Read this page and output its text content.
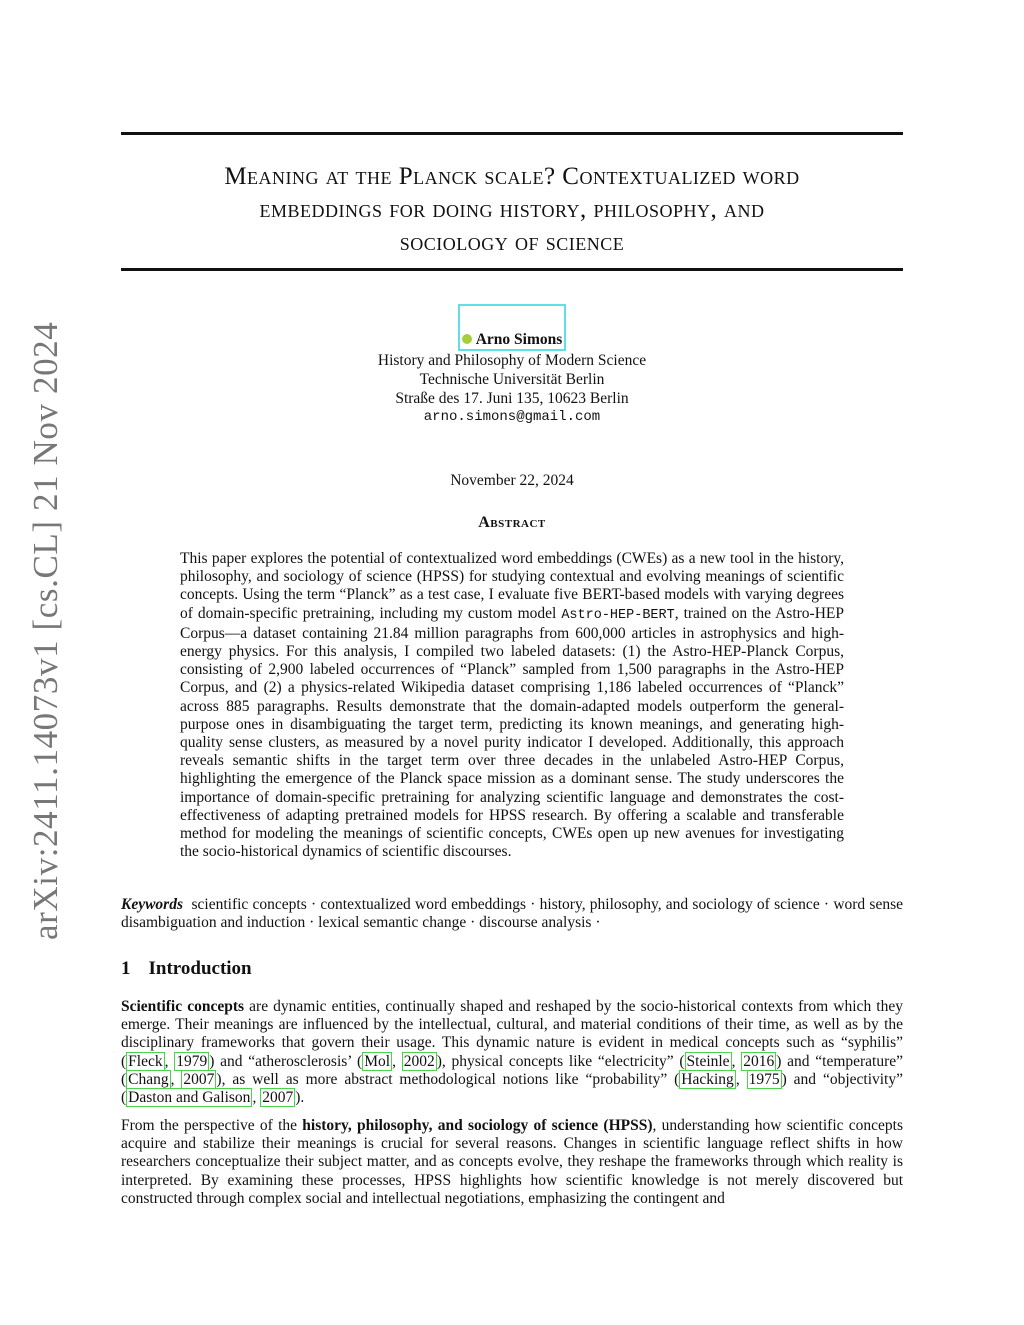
arXiv:2411.14073v1 [cs.CL] 21 Nov 2024
Meaning at the Planck scale? Contextualized word
embeddings for doing history, philosophy, and
sociology of science
Arno Simons
History and Philosophy of Modern Science
Technische Universität Berlin
Straße des 17. Juni 135, 10623 Berlin
arno.simons@gmail.com
November 22, 2024
Abstract
This paper explores the potential of contextualized word embeddings (CWEs) as a new tool in the history, philosophy, and sociology of science (HPSS) for studying contextual and evolving meanings of scientific concepts. Using the term “Planck” as a test case, I evaluate five BERT-based models with varying degrees of domain-specific pretraining, including my custom model Astro-HEP-BERT, trained on the Astro-HEP Corpus—a dataset containing 21.84 million paragraphs from 600,000 articles in astrophysics and high-energy physics. For this analysis, I compiled two labeled datasets: (1) the Astro-HEP-Planck Corpus, consisting of 2,900 labeled occurrences of “Planck” sampled from 1,500 paragraphs in the Astro-HEP Corpus, and (2) a physics-related Wikipedia dataset comprising 1,186 labeled occurrences of “Planck” across 885 paragraphs. Results demonstrate that the domain-adapted models outperform the general-purpose ones in disambiguating the target term, predicting its known meanings, and generating high-quality sense clusters, as measured by a novel purity indicator I developed. Additionally, this approach reveals semantic shifts in the target term over three decades in the unlabeled Astro-HEP Corpus, highlighting the emergence of the Planck space mission as a dominant sense. The study underscores the importance of domain-specific pretraining for analyzing scientific language and demonstrates the cost-effectiveness of adapting pretrained models for HPSS research. By offering a scalable and transferable method for modeling the meanings of scientific concepts, CWEs open up new avenues for investigating the socio-historical dynamics of scientific discourses.
Keywords scientific concepts · contextualized word embeddings · history, philosophy, and sociology of science · word sense disambiguation and induction · lexical semantic change · discourse analysis ·
1 Introduction
Scientific concepts are dynamic entities, continually shaped and reshaped by the socio-historical contexts from which they emerge. Their meanings are influenced by the intellectual, cultural, and material conditions of their time, as well as by the disciplinary frameworks that govern their usage. This dynamic nature is evident in medical concepts such as “syphilis” ( Fleck , 1979 ) and “atherosclerosis’ ( Mol , 2002 ), physical concepts like “electricity” ( Steinle , 2016 ) and “temperature” ( Chang , 2007 ), as well as more abstract methodological notions like “probability” ( Hacking , 1975 ) and “objectivity” ( Daston and Galison , 2007 ).
From the perspective of the history, philosophy, and sociology of science (HPSS), understanding how scientific concepts acquire and stabilize their meanings is crucial for several reasons. Changes in scientific language reflect shifts in how researchers conceptualize their subject matter, and as concepts evolve, they reshape the frameworks through which reality is interpreted. By examining these processes, HPSS highlights how scientific knowledge is not merely discovered but constructed through complex social and intellectual negotiations, emphasizing the contingent and
